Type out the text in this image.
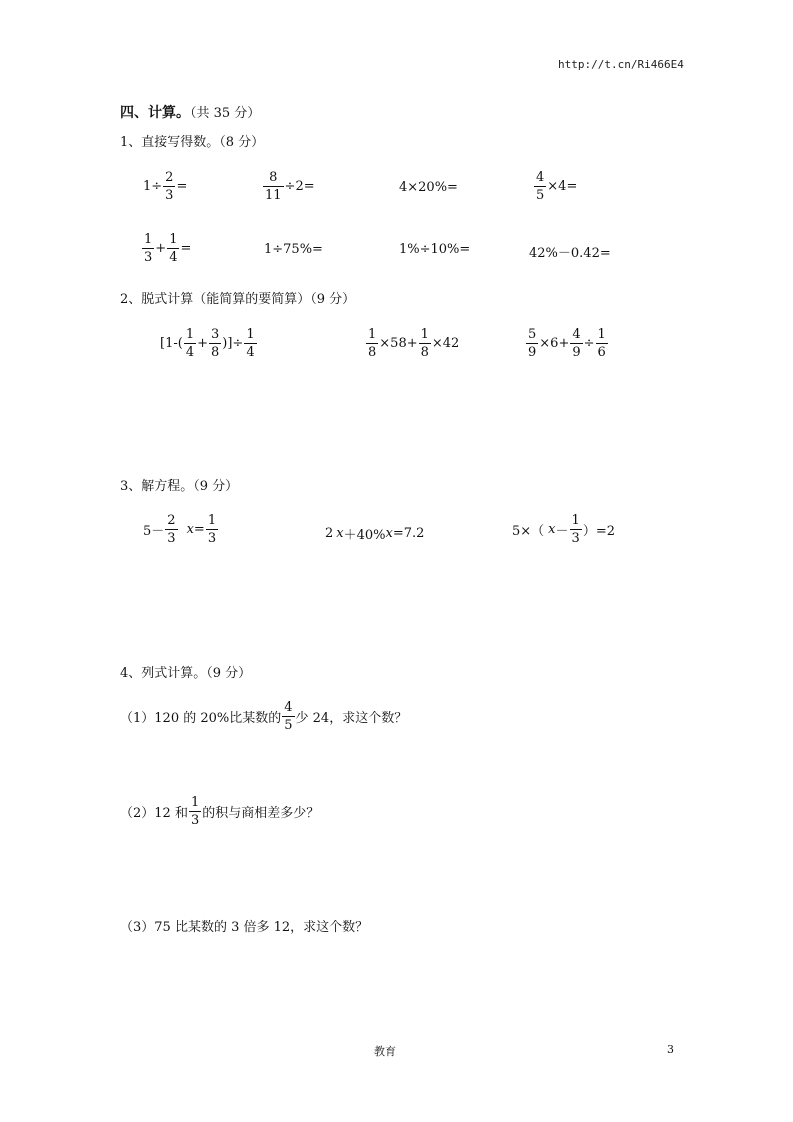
http://t.cn/Ri466E4
四、计算。（共 35 分）
1、直接写得数。（8 分）
$1\div \frac{2}{3}$ =	$\frac{8}{11} \div 2=$	4×20%=	$\frac{4}{5} \times 4=$
$\frac{1}{3} + \frac{1}{4}$ =	1÷75%=	1%÷10%=	42%－0.42=
2、脱式计算（能简算的要简算）（9 分）
[$1-( \frac{1}{4} + \frac{3}{8}$ )]÷ $\frac{1}{4}$	$\frac{1}{8} \times 58+ \frac{1}{8} \times 42$	$\frac{5}{9} \times 6+ \frac{4}{9} \div \frac{1}{6}$
3、解方程。（9 分）
$5- \frac{2}{3}$ $x = \frac{1}{3}$	2 x ＋40% x =7.2	5×（ $x - \frac{1}{3} )=2$
4、列式计算。（9 分）
（1）120 的 20%比某数的 $\frac{4}{5}$ 少 24，求这个数？
（2）12 和 $\frac{1}{3}$ 的积与商相差多少？
（3）75 比某数的 3 倍多 12，求这个数？
教育	3
